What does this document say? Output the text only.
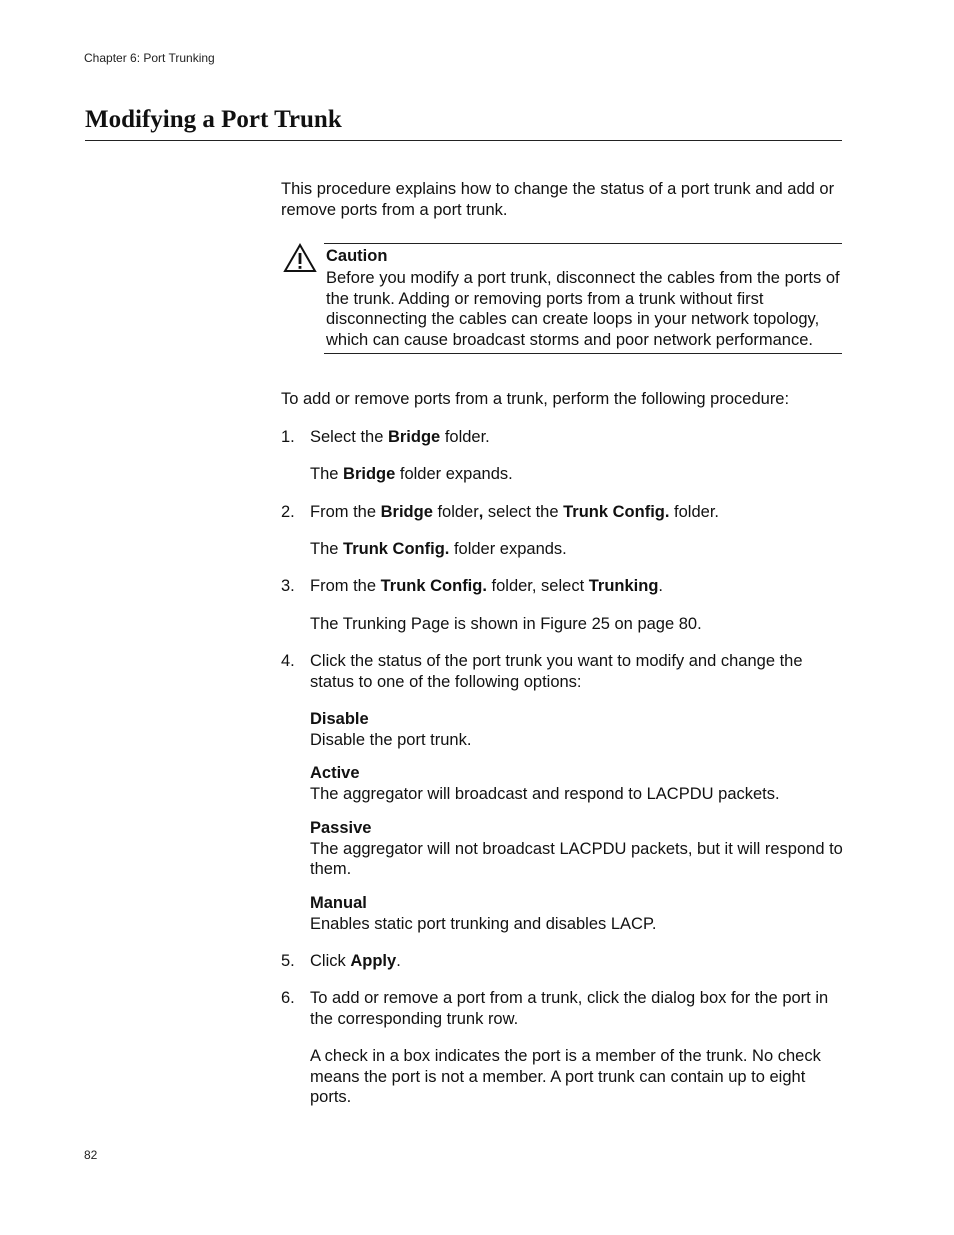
Chapter 6: Port Trunking
Modifying a Port Trunk

This procedure explains how to change the status of a port trunk and add or remove ports from a port trunk.

Caution
Before you modify a port trunk, disconnect the cables from the ports of the trunk. Adding or removing ports from a trunk without first disconnecting the cables can create loops in your network topology, which can cause broadcast storms and poor network performance.

To add or remove ports from a trunk, perform the following procedure:

1. Select the Bridge folder.

The Bridge folder expands.

2. From the Bridge folder, select the Trunk Config. folder.

The Trunk Config. folder expands.

3. From the Trunk Config. folder, select Trunking.

The Trunking Page is shown in Figure 25 on page 80.

4. Click the status of the port trunk you want to modify and change the status to one of the following options:
Disable
Disable the port trunk.
Active
The aggregator will broadcast and respond to LACPDU packets.
Passive
The aggregator will not broadcast LACPDU packets, but it will respond to them.
Manual
Enables static port trunking and disables LACP.
5. Click Apply.
6. To add or remove a port from a trunk, click the dialog box for the port in the corresponding trunk row.

A check in a box indicates the port is a member of the trunk. No check means the port is not a member. A port trunk can contain up to eight ports.

82
